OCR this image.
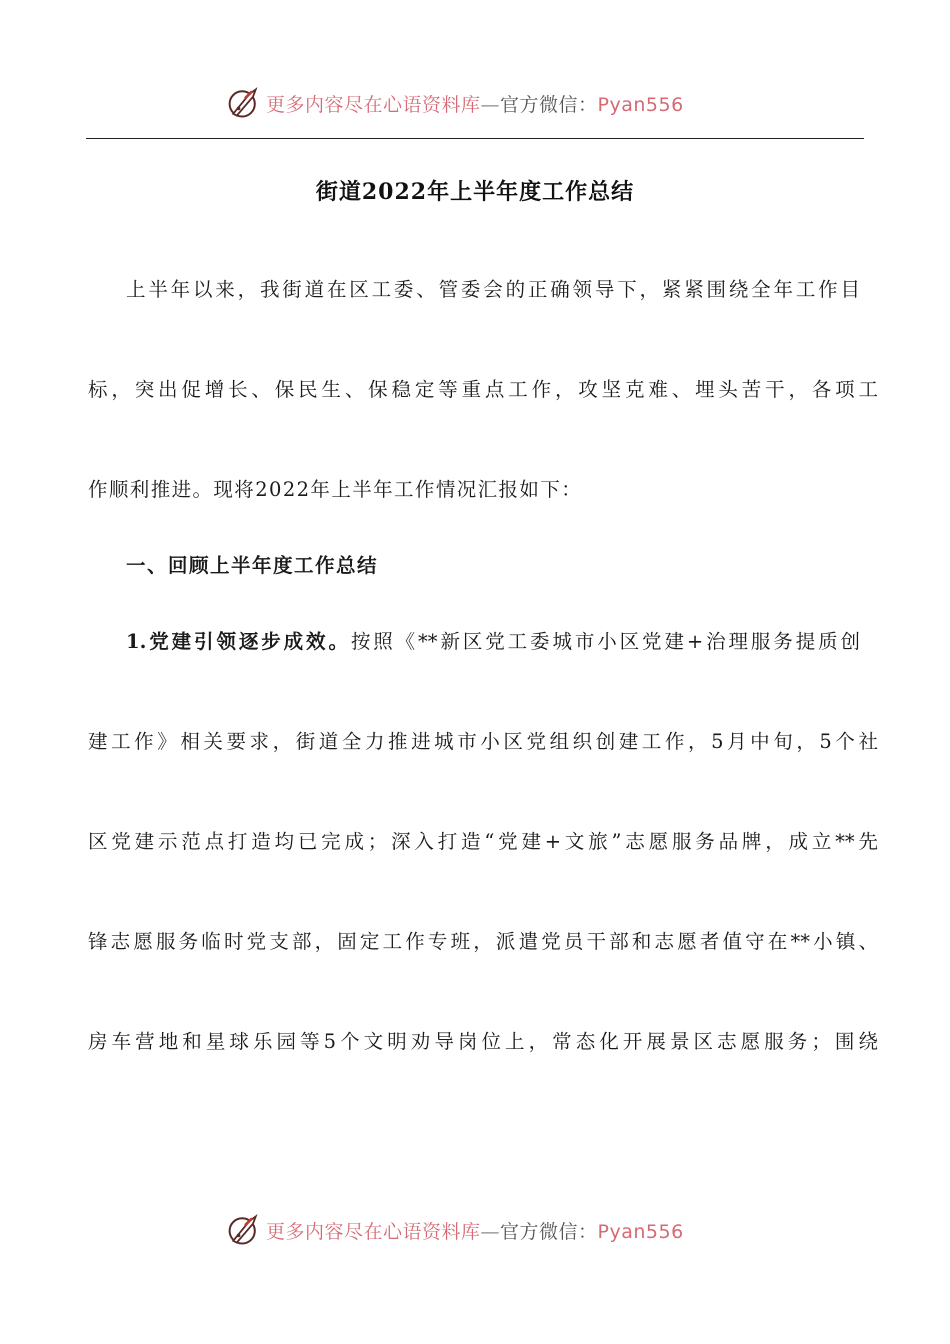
更多内容尽在心语资料库—官方微信：Pyan556
街道2022年上半年度工作总结
上半年以来，我街道在区工委、管委会的正确领导下，紧紧围绕全年工作目
标，突出促增长、保民生、保稳定等重点工作，攻坚克难、埋头苦干，各项工
作顺利推进。现将2022年上半年工作情况汇报如下：
一、回顾上半年度工作总结
1.党建引领逐步成效。按照《**新区党工委城市小区党建+治理服务提质创
建工作》相关要求，街道全力推进城市小区党组织创建工作，5月中旬，5个社
区党建示范点打造均已完成；深入打造“党建+文旅”志愿服务品牌，成立**先
锋志愿服务临时党支部，固定工作专班，派遣党员干部和志愿者值守在**小镇、
房车营地和星球乐园等5个文明劝导岗位上，常态化开展景区志愿服务；围绕
更多内容尽在心语资料库—官方微信：Pyan556
